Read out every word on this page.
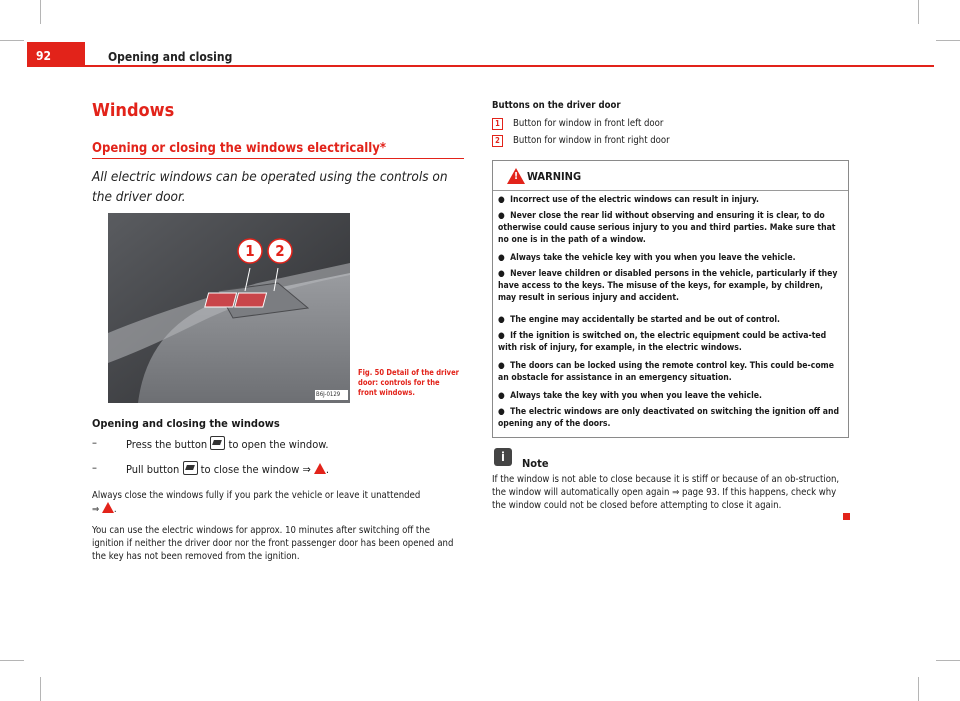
92	Opening and closing
Windows
Opening or closing the windows electrically*
All electric windows can be operated using the controls on the driver door.
1 2
B6J-0129
Fig. 50 Detail of the driver door: controls for the front windows.
Opening and closing the windows
–	Press the button to open the window.
–	Pull button to close the window ⇒ .
Always close the windows fully if you park the vehicle or leave it unattended
⇒ .
You can use the electric windows for approx. 10 minutes after switching off the ignition if neither the driver door nor the front passenger door has been opened and the key has not been removed from the ignition.
Buttons on the driver door
1	Button for window in front left door
2	Button for window in front right door
! WARNING
● Incorrect use of the electric windows can result in injury.
● Never close the rear lid without observing and ensuring it is clear, to do otherwise could cause serious injury to you and third parties. Make sure that no one is in the path of a window.
● Always take the vehicle key with you when you leave the vehicle.
● Never leave children or disabled persons in the vehicle, particularly if they have access to the keys. The misuse of the keys, for example, by children, may result in serious injury and accident.
● The engine may accidentally be started and be out of control.
● If the ignition is switched on, the electric equipment could be activa-ted with risk of injury, for example, in the electric windows.
● The doors can be locked using the remote control key. This could be-come an obstacle for assistance in an emergency situation.
● Always take the key with you when you leave the vehicle.
● The electric windows are only deactivated on switching the ignition off and opening any of the doors.
i	Note
If the window is not able to close because it is stiff or because of an ob-struction, the window will automatically open again ⇒ page 93. If this happens, check why the window could not be closed before attempting to close it again.
